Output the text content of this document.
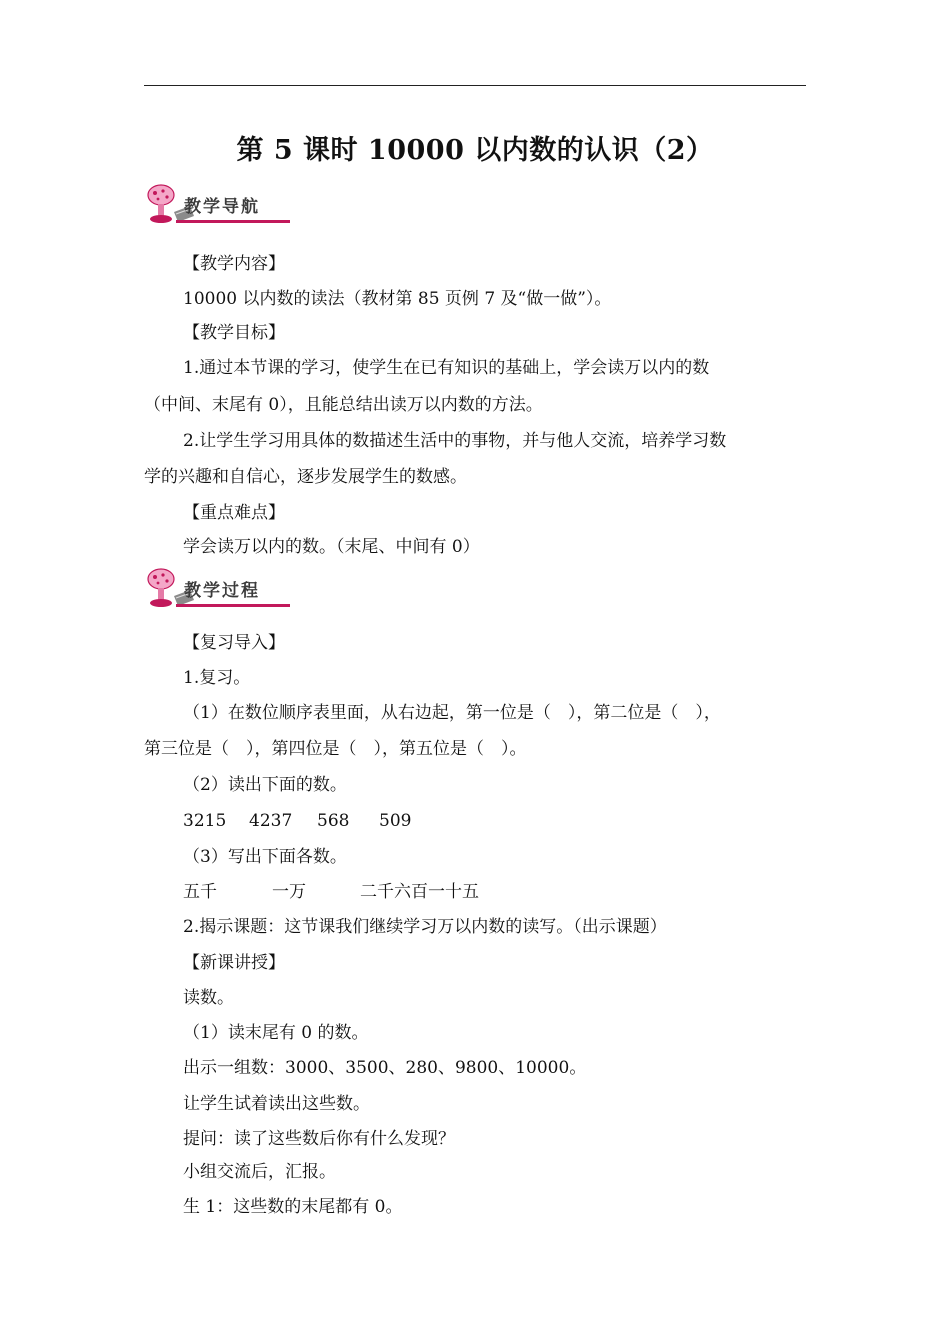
第 5 课时 10000 以内数的认识（2）
教学导航
【教学内容】
10000 以内数的读法（教材第 85 页例 7 及“做一做”）。
【教学目标】
1.通过本节课的学习，使学生在已有知识的基础上，学会读万以内的数
（中间、末尾有 0），且能总结出读万以内数的方法。
2.让学生学习用具体的数描述生活中的事物，并与他人交流，培养学习数
学的兴趣和自信心，逐步发展学生的数感。
【重点难点】
学会读万以内的数。（末尾、中间有 0）
教学过程
【复习导入】
1.复习。
（1）在数位顺序表里面，从右边起，第一位是（　），第二位是（　），
第三位是（　），第四位是（　），第五位是（　）。
（2）读出下面的数。
3215 4237 568 509
（3）写出下面各数。
五千	一万	二千六百一十五
2.揭示课题：这节课我们继续学习万以内数的读写。（出示课题）
【新课讲授】
读数。
（1）读末尾有 0 的数。
出示一组数：3000、3500、280、9800、10000。
让学生试着读出这些数。
提问：读了这些数后你有什么发现？
小组交流后，汇报。
生 1：这些数的末尾都有 0。
